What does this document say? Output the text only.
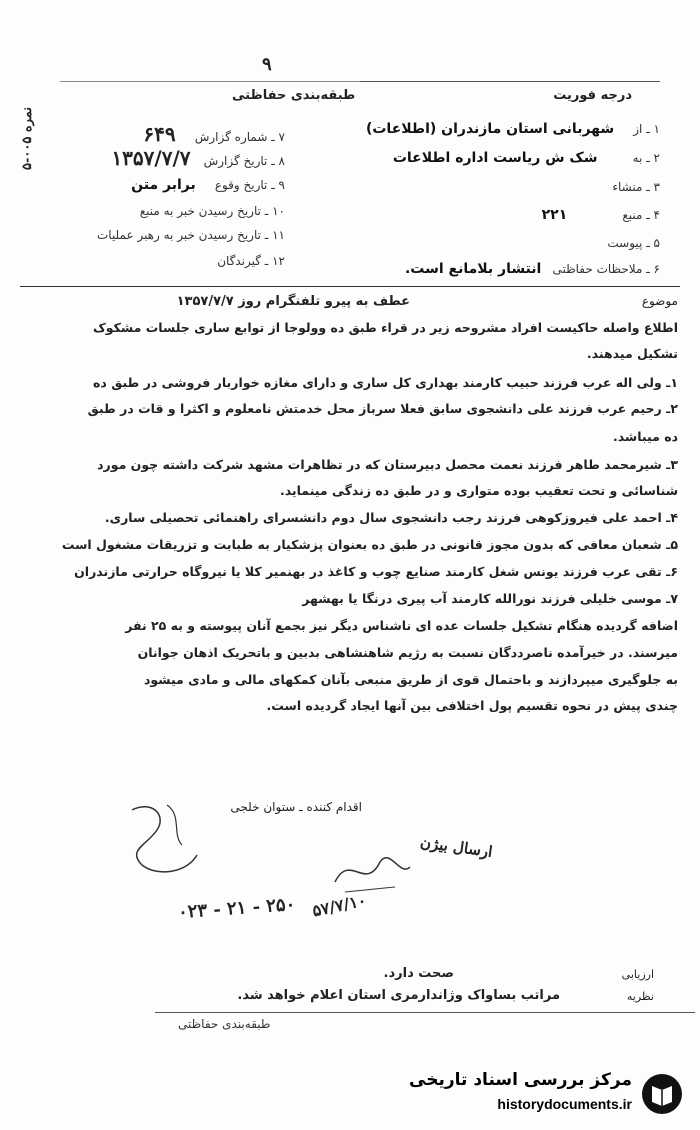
نمره ۰۰۵-۵
۹
درجه فوریت
طبقه‌بندی حفاظتی
۱ ـ از شهربانی استان مازندران (اطلاعات)
۲ ـ به شک ش ریاست اداره اطلاعات
۳ ـ منشاء
۴ ـ منبع ۲۲۱
۵ ـ پیوست
۶ ـ ملاحظات حفاظتی انتشار بلامانع است.
۷ ـ شماره گزارش ۶۴۹
۸ ـ تاریخ گزارش ۱۳۵۷/۷/۷
۹ ـ تاریخ وقوع برابر متن
۱۰ ـ تاریخ رسیدن خبر به منبع
۱۱ ـ تاریخ رسیدن خبر به رهبر عملیات
۱۲ ـ گیرندگان
موضوع
عطف به پیرو تلفنگرام روز ۱۳۵۷/۷/۷
اطلاع واصله حاکیست افراد مشروحه زیر در قراء طبق ده وولوجا از توابع ساری جلسات مشکوک
تشکیل میدهند.
۱ـ ولی اله عرب فرزند حبیب کارمند بهداری کل ساری و دارای مغازه خواربار فروشی در طبق ده
۲ـ رحیم عرب فرزند علی دانشجوی سابق فعلا سرباز محل خدمتش نامعلوم و اکثرا و قات در طبق
ده میباشد.
۳ـ شیرمحمد طاهر فرزند نعمت محصل دبیرستان که در تظاهرات مشهد شرکت داشته چون مورد
شناسائی و تحت تعقیب بوده متواری و در طبق ده زندگی مینماید.
۴ـ احمد علی فیروزکوهی فرزند رجب دانشجوی سال دوم دانشسرای راهنمائی تحصیلی ساری.
۵ـ شعبان معافی که بدون مجوز قانونی در طبق ده بعنوان پزشکیار به طبابت و تزریقات مشغول است
۶ـ تقی عرب فرزند یونس شغل کارمند صنایع چوب و کاغذ در بهنمیر کلا یا نیروگاه حرارتی مازندران
۷ـ موسی خلیلی فرزند نورالله کارمند آب پیری درنگا یا بهشهر
اضافه گردیده هنگام تشکیل جلسات عده ای ناشناس دیگر نیز بجمع آنان پیوسته و به ۲۵ نفر
میرسند. در خیرآمده ناصرددگان نسبت به رژیم شاهنشاهی بدبین و باتحریک اذهان جوانان
به جلوگیری میپردازند و باحتمال قوی از طریق منبعی بآنان کمکهای مالی و مادی میشود
چندی پیش در نحوه تقسیم پول اختلافی بین آنها ایجاد گردیده است.
اقدام کننده ـ ستوان خلجی
ارسال بیژن
۰۲۳ - ۲۱ - ۲۵۰ ۵۷/۷/۱۰
ارزیابی
صحت دارد.
نظریه
مراتب بساواک وژاندارمری استان اعلام خواهد شد.
طبقه‌بندی حفاظتی
مرکز بررسی اسناد تاریخی
historydocuments.ir
